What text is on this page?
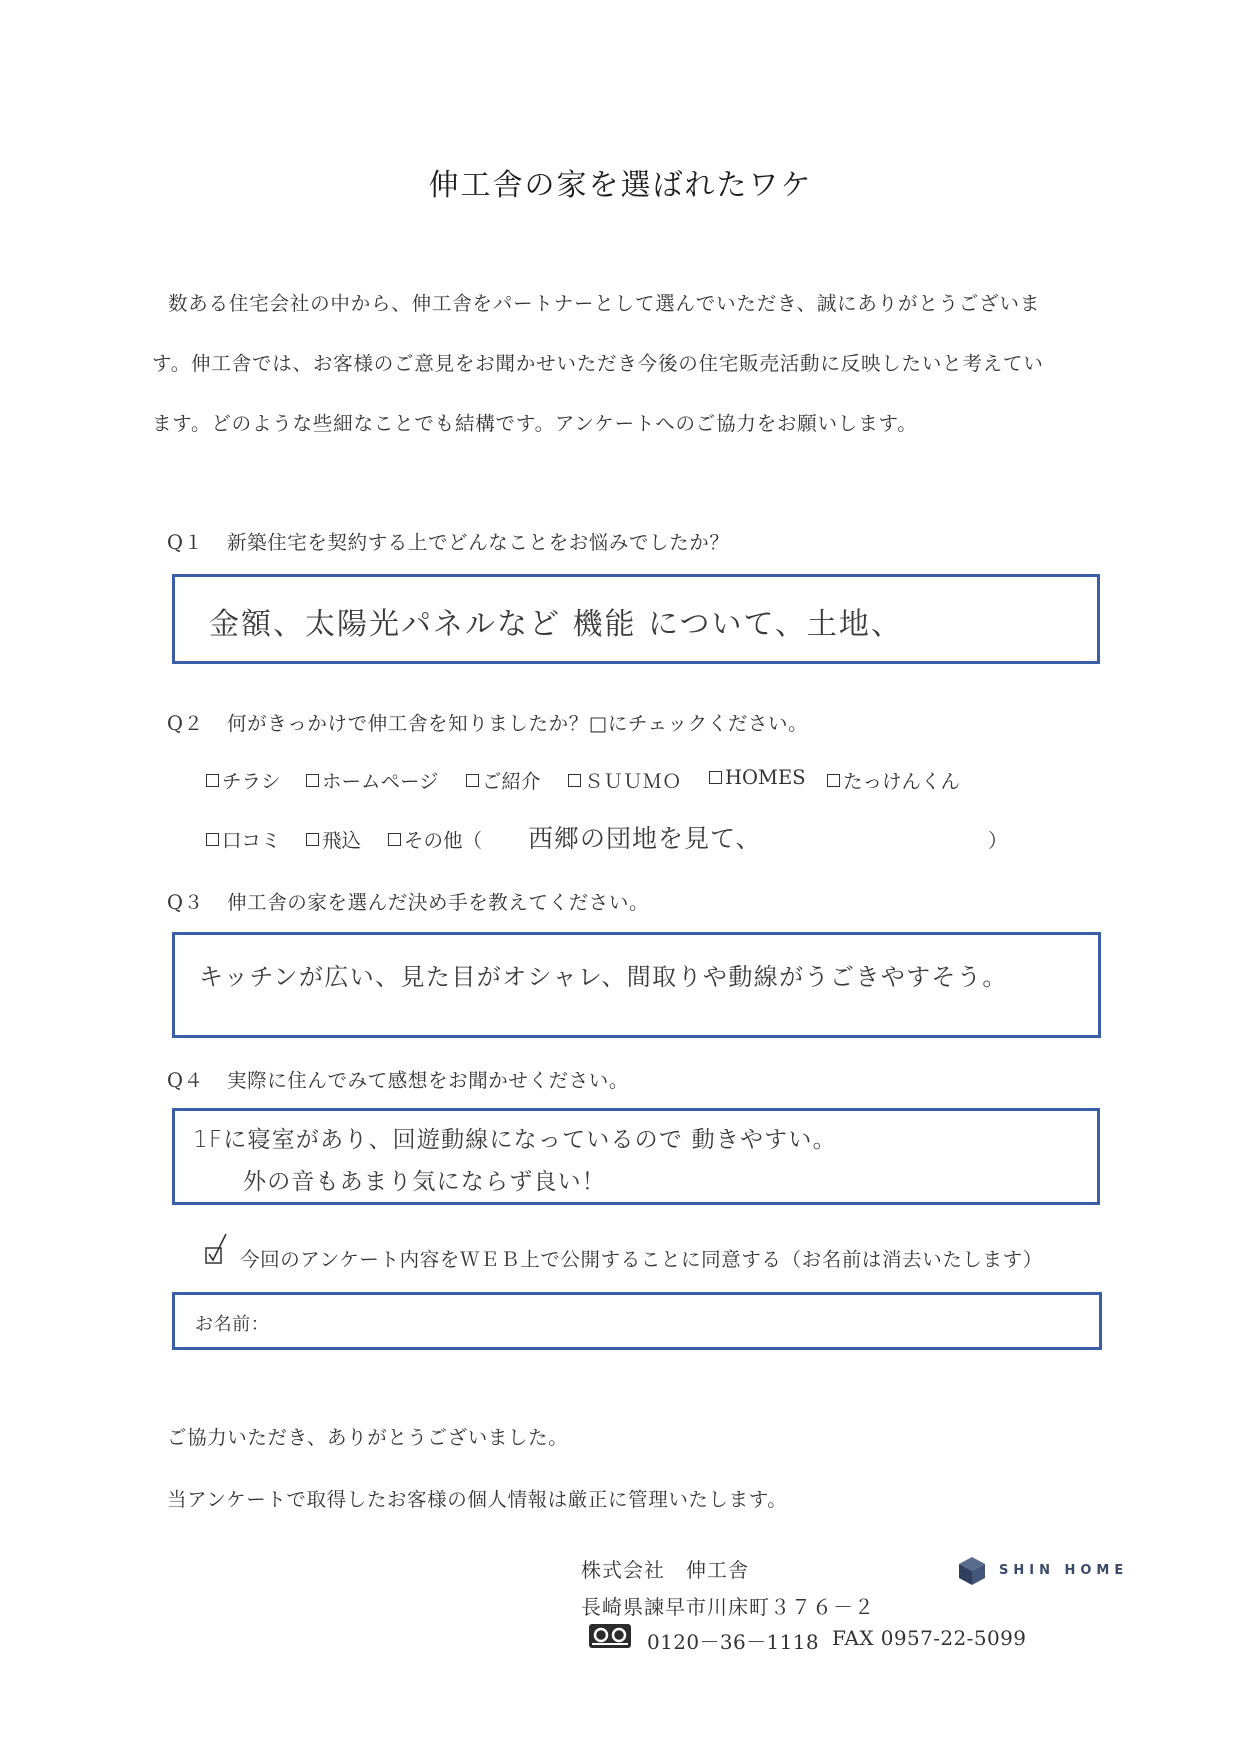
伸工舎の家を選ばれたワケ
数ある住宅会社の中から、伸工舎をパートナーとして選んでいただき、誠にありがとうございま
す。伸工舎では、お客様のご意見をお聞かせいただき今後の住宅販売活動に反映したいと考えてい
ます。どのような些細なことでも結構です。アンケートへのご協力をお願いします。
Q１ 新築住宅を契約する上でどんなことをお悩みでしたか？
金額、太陽光パネルなど 機能 について、土地、
Q２ 何がきっかけで伸工舎を知りましたか？□にチェックください。
チラシ ホームページ ご紹介 ＳＵＵＭＯ HOMES たっけんくん
口コミ 飛込 その他（ 西郷の団地を見て、	）
Q３ 伸工舎の家を選んだ決め手を教えてください。
キッチンが広い、見た目がオシャレ、間取りや動線がうごきやすそう。
Q４ 実際に住んでみて感想をお聞かせください。
1Fに寝室があり、回遊動線になっているので 動きやすい。
外の音もあまり気にならず良い！
今回のアンケート内容をＷＥＢ上で公開することに同意する（お名前は消去いたします）
お名前：
ご協力いただき、ありがとうございました。
当アンケートで取得したお客様の個人情報は厳正に管理いたします。
株式会社　伸工舎
長崎県諫早市川床町３７６－２
0120－36－1118 FAX 0957-22-5099
SHIN HOME
